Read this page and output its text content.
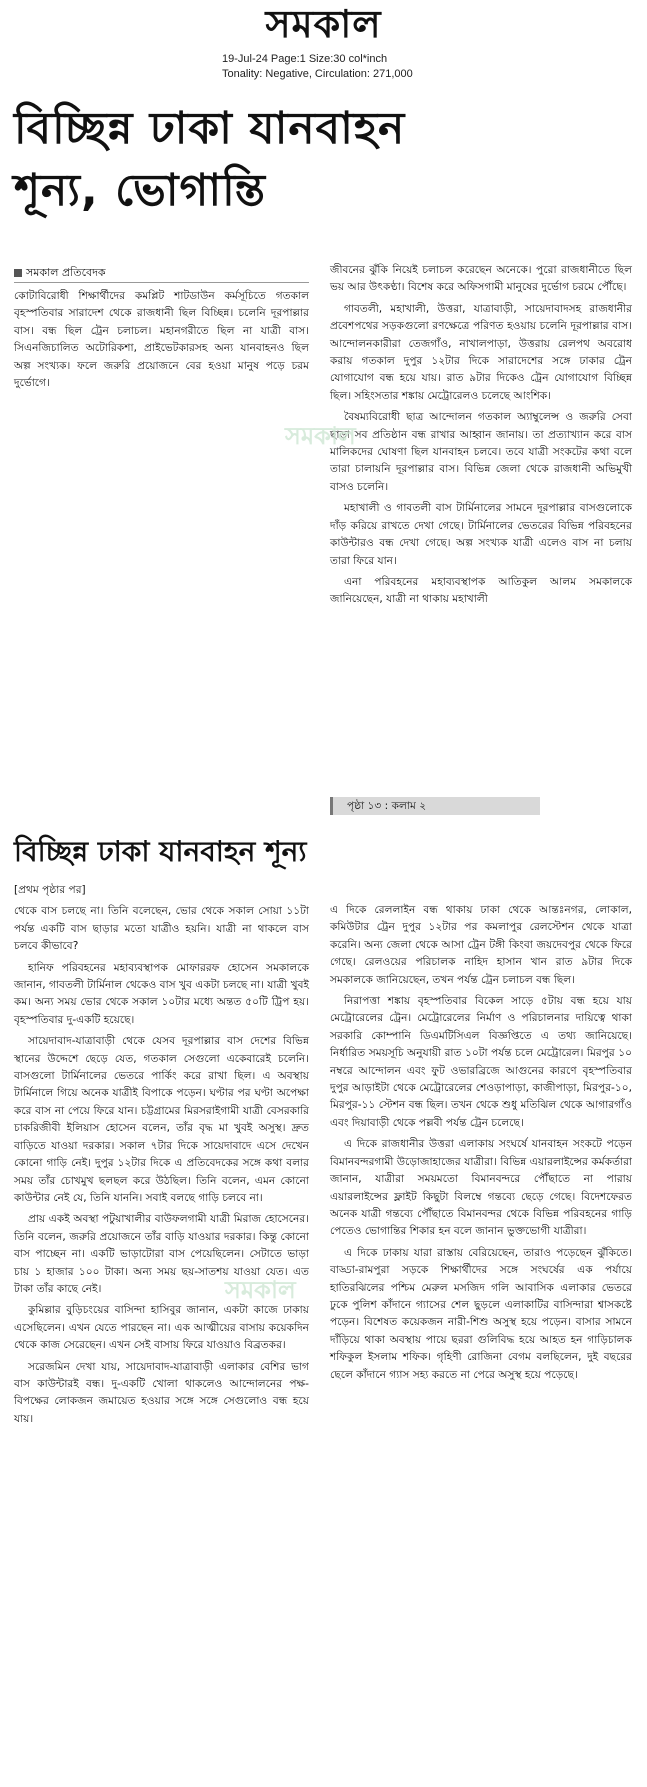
সমকাল
19-Jul-24 Page:1 Size:30 col*inch
Tonality: Negative, Circulation: 271,000
বিচ্ছিন্ন ঢাকা যানবাহন
শূন্য, ভোগান্তি
সমকাল প্রতিবেদক

কোটাবিরোধী শিক্ষার্থীদের কমপ্লিট শাটডাউন কর্মসূচিতে গতকাল বৃহস্পতিবার সারাদেশ থেকে রাজধানী ছিল বিচ্ছিন্ন। চলেনি দূরপাল্লার বাস। বন্ধ ছিল ট্রেন চলাচল। মহানগরীতে ছিল না যাত্রী বাস। সিএনজিচালিত অটোরিকশা, প্রাইভেটকারসহ অন্য যানবাহনও ছিল অল্প সংখ্যক। ফলে জরুরি প্রয়োজনে বের হওয়া মানুষ পড়ে চরম দুর্ভোগে।

জীবনের ঝুঁকি নিয়েই চলাচল করেছেন অনেকে। পুরো রাজধানীতে ছিল ভয় আর উৎকণ্ঠা। বিশেষ করে অফিসগামী মানুষের দুর্ভোগ চরমে পৌঁছে।

গাবতলী, মহাখালী, উত্তরা, যাত্রাবাড়ী, সায়েদাবাদসহ রাজধানীর প্রবেশপথের সড়কগুলো রণক্ষেত্রে পরিণত হওয়ায় চলেনি দূরপাল্লার বাস। আন্দোলনকারীরা তেজগাঁও, নাখালপাড়া, উত্তরায় রেলপথ অবরোধ করায় গতকাল দুপুর ১২টার দিকে সারাদেশের সঙ্গে ঢাকার ট্রেন যোগাযোগ বন্ধ হয়ে যায়। রাত ৯টার দিকেও ট্রেন যোগাযোগ বিচ্ছিন্ন ছিল। সহিংসতার শঙ্কায় মেট্রোরেলও চলেছে আংশিক।

বৈষম্যবিরোধী ছাত্র আন্দোলন গতকাল অ্যাম্বুলেন্স ও জরুরি সেবা ছাড়া সব প্রতিষ্ঠান বন্ধ রাখার আহ্বান জানায়। তা প্রত্যাখ্যান করে বাস মালিকদের ঘোষণা ছিল যানবাহন চলবে। তবে যাত্রী সংকটের কথা বলে তারা চালায়নি দূরপাল্লার বাস। বিভিন্ন জেলা থেকে রাজধানী অভিমুখী বাসও চলেনি।

মহাখালী ও গাবতলী বাস টার্মিনালের সামনে দূরপাল্লার বাসগুলোকে দাঁড় করিয়ে রাখতে দেখা গেছে। টার্মিনালের ভেতরের বিভিন্ন পরিবহনের কাউন্টারও বন্ধ দেখা গেছে। অল্প সংখ্যক যাত্রী এলেও বাস না চলায় তারা ফিরে যান।

এনা পরিবহনের মহাব্যবস্থাপক আতিকুল আলম সমকালকে জানিয়েছেন, যাত্রী না থাকায় মহাখালী

পৃষ্ঠা ১৩ : কলাম ২
বিচ্ছিন্ন ঢাকা যানবাহন শূন্য

[প্রথম পৃষ্ঠার পর]

থেকে বাস চলছে না। তিনি বলেছেন, ভোর থেকে সকাল সোয়া ১১টা পর্যন্ত একটি বাস ছাড়ার মতো যাত্রীও হয়নি। যাত্রী না থাকলে বাস চলবে কীভাবে?

হানিফ পরিবহনের মহাব্যবস্থাপক মোফাররফ হোসেন সমকালকে জানান, গাবতলী টার্মিনাল থেকেও বাস খুব একটা চলছে না। যাত্রী খুবই কম। অন্য সময় ভোর থেকে সকাল ১০টার মধ্যে অন্তত ৫০টি ট্রিপ হয়। বৃহস্পতিবার দু-একটি হয়েছে।

সায়েদাবাদ-যাত্রাবাড়ী থেকে যেসব দূরপাল্লার বাস দেশের বিভিন্ন স্থানের উদ্দেশে ছেড়ে যেত, গতকাল সেগুলো একেবারেই চলেনি। বাসগুলো টার্মিনালের ভেতরে পার্কিং করে রাখা ছিল। এ অবস্থায় টার্মিনালে গিয়ে অনেক যাত্রীই বিপাকে পড়েন। ঘণ্টার পর ঘণ্টা অপেক্ষা করে বাস না পেয়ে ফিরে যান। চট্টগ্রামের মিরসরাইগামী যাত্রী বেসরকারি চাকরিজীবী ইলিয়াস হোসেন বলেন, তাঁর বৃদ্ধ মা খুবই অসুস্থ। দ্রুত বাড়িতে যাওয়া দরকার। সকাল ৭টার দিকে সায়েদাবাদে এসে দেখেন কোনো গাড়ি নেই। দুপুর ১২টার দিকে এ প্রতিবেদকের সঙ্গে কথা বলার সময় তাঁর চোখমুখ ছলছল করে উঠছিল। তিনি বলেন, এমন কোনো কাউন্টার নেই যে, তিনি যাননি। সবাই বলছে গাড়ি চলবে না।

প্রায় একই অবস্থা পটুয়াখালীর বাউফলগামী যাত্রী মিরাজ হোসেনের। তিনি বলেন, জরুরি প্রয়োজনে তাঁর বাড়ি যাওয়ার দরকার। কিন্তু কোনো বাস পাচ্ছেন না। একটি ভাড়াটোরা বাস পেয়েছিলেন। সেটাতে ভাড়া চায় ১ হাজার ১০০ টাকা। অন্য সময় ছয়-সাতশয় যাওয়া যেত। এত টাকা তাঁর কাছে নেই।

কুমিল্লার বুড়িচংয়ের বাসিন্দা হাসিবুর জানান, একটা কাজে ঢাকায় এসেছিলেন। এখন যেতে পারছেন না। এক আত্মীয়ের বাসায় কয়েকদিন থেকে কাজ সেরেছেন। এখন সেই বাসায় ফিরে যাওয়াও বিব্রতকর।

সরেজমিন দেখা যায়, সায়েদাবাদ-যাত্রাবাড়ী এলাকার বেশির ভাগ বাস কাউন্টারই বন্ধ। দু-একটি খোলা থাকলেও আন্দোলনের পক্ষ-বিপক্ষের লোকজন জমায়েত হওয়ার সঙ্গে সঙ্গে সেগুলোও বন্ধ হয়ে যায়।

এ দিকে রেললাইন বন্ধ থাকায় ঢাকা থেকে আন্তঃনগর, লোকাল, কমিউটার ট্রেন দুপুর ১২টার পর কমলাপুর রেলস্টেশন থেকে যাত্রা করেনি। অন্য জেলা থেকে আসা ট্রেন টঙ্গী কিংবা জয়দেবপুর থেকে ফিরে গেছে। রেলওয়ের পরিচালক নাহিদ হাসান খান রাত ৯টার দিকে সমকালকে জানিয়েছেন, তখন পর্যন্ত ট্রেন চলাচল বন্ধ ছিল।

নিরাপত্তা শঙ্কায় বৃহস্পতিবার বিকেল সাড়ে ৫টায় বন্ধ হয়ে যায় মেট্রোরেলের ট্রেন। মেট্রোরেলের নির্মাণ ও পরিচালনার দায়িত্বে থাকা সরকারি কোম্পানি ডিএমটিসিএল বিজ্ঞপ্তিতে এ তথ্য জানিয়েছে। নির্ধারিত সময়সূচি অনুযায়ী রাত ১০টা পর্যন্ত চলে মেট্রোরেল। মিরপুর ১০ নম্বরে আন্দোলন এবং ফুট ওভারব্রিজে আগুনের কারণে বৃহস্পতিবার দুপুর আড়াইটা থেকে মেট্রোরেলের শেওড়াপাড়া, কাজীপাড়া, মিরপুর-১০, মিরপুর-১১ স্টেশন বন্ধ ছিল। তখন থেকে শুধু মতিঝিল থেকে আগারগাঁও এবং দিয়াবাড়ী থেকে পল্লবী পর্যন্ত ট্রেন চলেছে।

এ দিকে রাজধানীর উত্তরা এলাকায় সংঘর্ষে যানবাহন সংকটে পড়েন বিমানবন্দরগামী উড়োজাহাজের যাত্রীরা। বিভিন্ন এয়ারলাইন্সের কর্মকর্তারা জানান, যাত্রীরা সময়মতো বিমানবন্দরে পৌঁছাতে না পারায় এয়ারলাইন্সের ফ্লাইট কিছুটা বিলম্বে গন্তব্যে ছেড়ে গেছে। বিদেশফেরত অনেক যাত্রী গন্তব্যে পৌঁছাতে বিমানবন্দর থেকে বিভিন্ন পরিবহনের গাড়ি পেতেও ভোগান্তির শিকার হন বলে জানান ভুক্তভোগী যাত্রীরা।

এ দিকে ঢাকায় যারা রাস্তায় বেরিয়েছেন, তারাও পড়েছেন ঝুঁকিতে। বাড্ডা-রামপুরা সড়কে শিক্ষার্থীদের সঙ্গে সংঘর্ষের এক পর্যায়ে হাতিরঝিলের পশ্চিম মেরুল মসজিদ গলি আবাসিক এলাকার ভেতরে ঢুকে পুলিশ কাঁদানে গ্যাসের শেল ছুড়লে এলাকাটির বাসিন্দারা শ্বাসকষ্টে পড়েন। বিশেষত কয়েকজন নারী-শিশু অসুস্থ হয়ে পড়েন। বাসার সামনে দাঁড়িয়ে থাকা অবস্থায় পায়ে ছররা গুলিবিদ্ধ হয়ে আহত হন গাড়িচালক শফিকুল ইসলাম শফিক। গৃহিণী রোজিনা বেগম বলছিলেন, দুই বছরের ছেলে কাঁদানে গ্যাস সহ্য করতে না পেরে অসুস্থ হয়ে পড়েছে।

সমকাল
সমকাল
